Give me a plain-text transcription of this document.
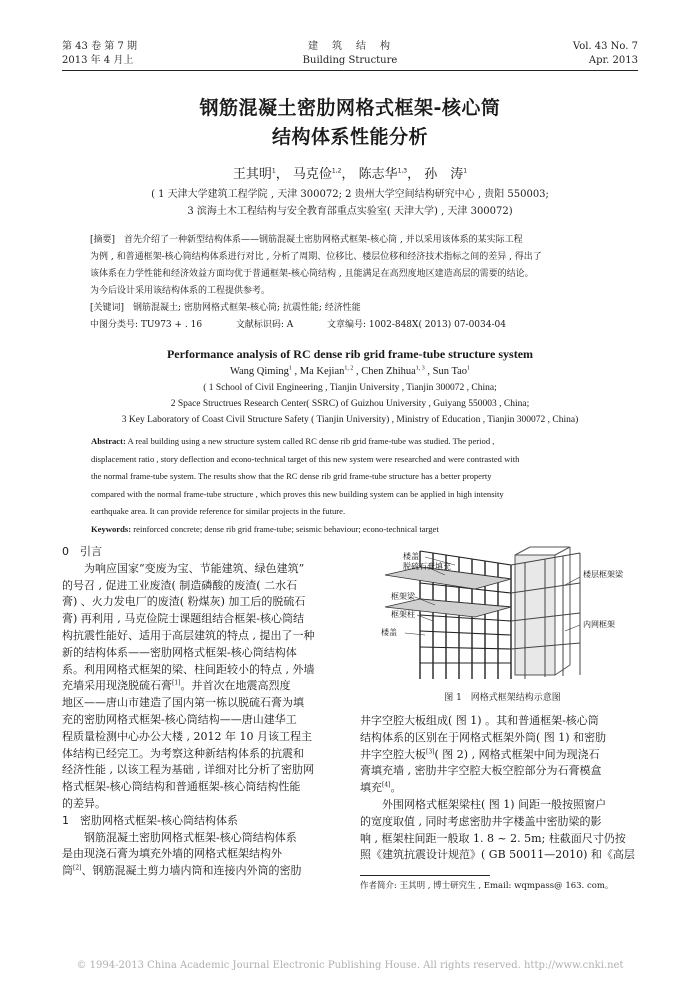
第 43 卷 第 7 期
2013 年 4 月上
建　筑　结　构
Building Structure
Vol. 43 No. 7
Apr. 2013
钢筋混凝土密肋网格式框架-核心筒
结构体系性能分析
王其明$^1$， 马克俭$^{1,2}$， 陈志华$^{1,3}$， 孙　涛$^1$
( 1 天津大学建筑工程学院 , 天津 300072; 2 贵州大学空间结构研究中心 , 贵阳 550003;
3 滨海土木工程结构与安全教育部重点实验室( 天津大学) , 天津 300072)
[摘要]　 首先介绍了一种新型结构体系——钢筋混凝土密肋网格式框架-核心筒 , 并以采用该体系的某实际工程
为例 , 和普通框架-核心筒结构体系进行对比 , 分析了周期、位移比、楼层位移和经济技术指标之间的差异 , 得出了
该体系在力学性能和经济效益方面均优于普通框架-核心筒结构 , 且能满足在高烈度地区建造高层的需要的结论。
为今后设计采用该结构体系的工程提供参考。
[关键词]　 钢筋混凝土; 密肋网格式框架-核心筒; 抗震性能; 经济性能
中图分类号: TU973 + . 16	文献标识码: A	文章编号: 1002-848X( 2013) 07-0034-04
Performance analysis of RC dense rib grid frame-tube structure system
Wang Qiming$^1$ , Ma Kejian$^{1, 2}$ , Chen Zhihua$^{1, 3}$ , Sun Tao$^1$
( 1 School of Civil Engineering , Tianjin University , Tianjin 300072 , China;
2 Space Structrues Research Center( SSRC) of Guizhou University , Guiyang 550003 , China;
3 Key Laboratory of Coast Civil Structure Safety ( Tianjin University) , Ministry of Education , Tianjin 300072 , China)
Abstract: A real building using a new structure system called RC dense rib grid frame-tube was studied. The period ,
displacement ratio , story deflection and econo-technical target of this new system were researched and were contrasted with
the normal frame-tube system. The results show that the RC dense rib grid frame-tube structure has a better property
compared with the normal frame-tube structure , which proves this new building system can be applied in high intensity
earthquake area. It can provide reference for similar projects in the future.
Keywords: reinforced concrete; dense rib grid frame-tube; seismic behaviour; econo-technical target
0　 引言
为响应国家“变废为宝、节能建筑、绿色建筑”
的号召 , 促进工业废渣( 制造磷酸的废渣( 二水石
膏) 、火力发电厂的废渣( 粉煤灰) 加工后的脱硫石
膏) 再利用 , 马克俭院士课题组结合框架-核心筒结
构抗震性能好、适用于高层建筑的特点 , 提出了一种
新的结构体系——密肋网格式框架-核心筒结构体
系。利用网格式框架的梁、柱间距较小的特点 , 外墙
充墙采用现浇脱硫石膏[1]。并首次在地震高烈度
地区——唐山市建造了国内第一栋以脱硫石膏为填
充的密肋网格式框架-核心筒结构——唐山建华工
程质量检测中心办公大楼 , 2012 年 10 月该工程主
体结构已经完工。为考察这种新结构体系的抗震和
经济性能 , 以该工程为基础 , 详细对比分析了密肋网
格式框架-核心筒结构和普通框架-核心筒结构性能
的差异。
1　 密肋网格式框架-核心筒结构体系
钢筋混凝土密肋网格式框架-核心筒结构体系
是由现浇石膏为填充外墙的网格式框架结构外
筒[2]、钢筋混凝土剪力墙内筒和连接内外筒的密肋
楼盖
脱硫石膏填充
框架梁
框架柱
楼盖
楼层框架梁
内网框架
图 1　网格式框架结构示意图
井字空腔大板组成( 图 1) 。其和普通框架-核心筒
结构体系的区别在于网格式框架外筒( 图 1) 和密肋
井字空腔大板[3]( 图 2) , 网格式框架中间为现浇石
膏填充墙 , 密肋井字空腔大板空腔部分为石膏模盒
填充[4]。
外围网格式框架梁柱( 图 1) 间距一般按照窗户
的宽度取值 , 同时考虑密肋井字楼盖中密肋梁的影
响 , 框架柱间距一般取 1. 8 ~ 2. 5m; 柱截面尺寸仍按
照《建筑抗震设计规范》( GB 50011—2010) 和《高层
作者简介: 王其明 , 博士研究生 , Email: wqmpass@ 163. com。
© 1994-2013 China Academic Journal Electronic Publishing House. All rights reserved. http://www.cnki.net
